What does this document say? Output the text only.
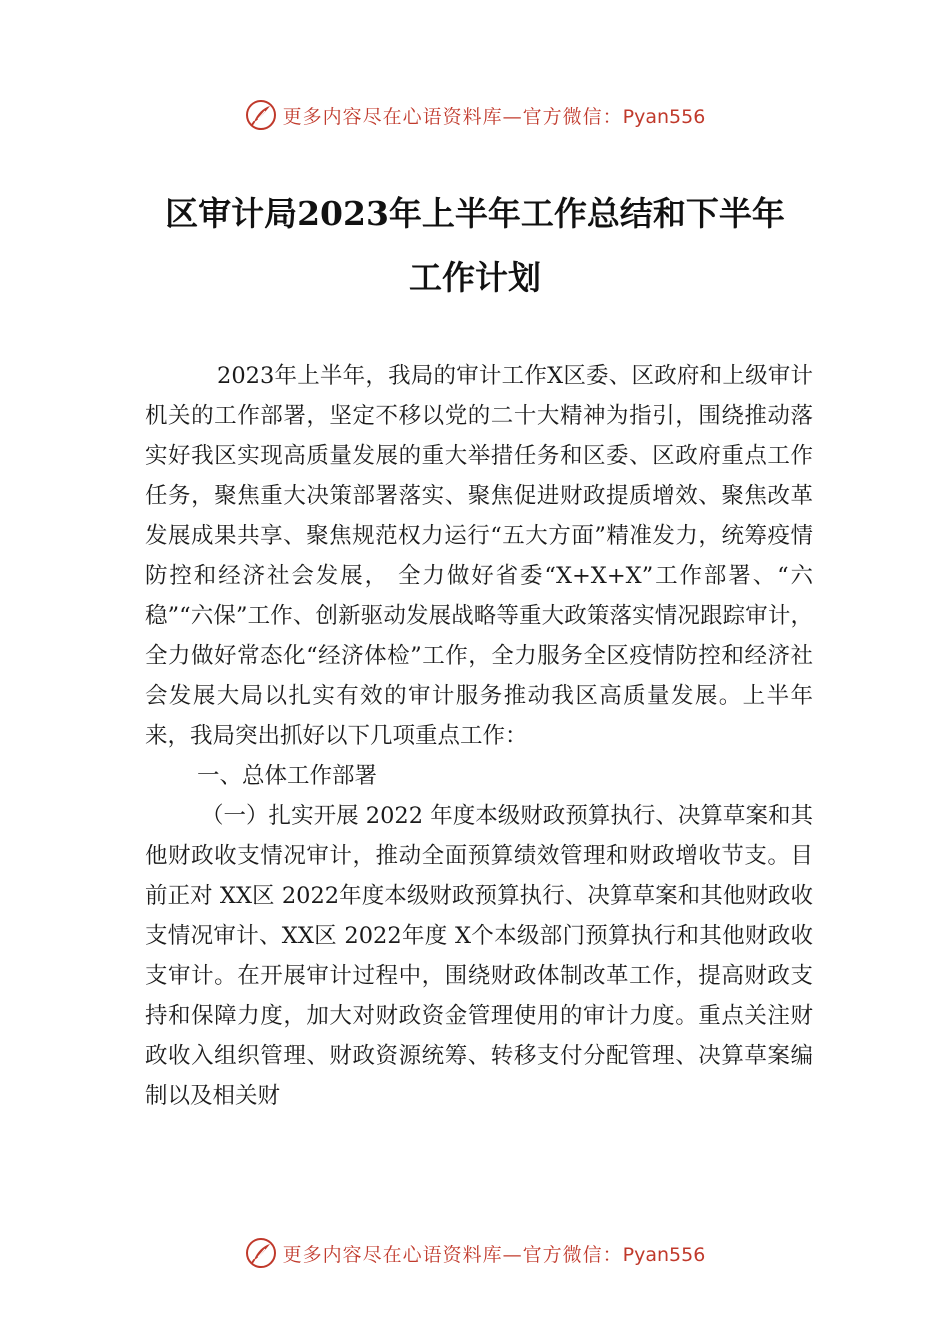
更多内容尽在心语资料库—官方微信：Pyan556
区审计局2023年上半年工作总结和下半年
工作计划

2023年上半年，我局的审计工作X区委、区政府和上级审计机关的工作部署，坚定不移以党的二十大精神为指引，围绕推动落实好我区实现高质量发展的重大举措任务和区委、区政府重点工作任务，聚焦重大决策部署落实、聚焦促进财政提质增效、聚焦改革发展成果共享、聚焦规范权力运行“五大方面”精准发力，统筹疫情防控和经济社会发展， 全力做好省委“X+X+X”工作部署、“六稳”“六保”工作、创新驱动发展战略等重大政策落实情况跟踪审计，全力做好常态化“经济体检”工作，全力服务全区疫情防控和经济社会发展大局以扎实有效的审计服务推动我区高质量发展。上半年来，我局突出抓好以下几项重点工作：

一、总体工作部署

（一）扎实开展 2022 年度本级财政预算执行、决算草案和其他财政收支情况审计，推动全面预算绩效管理和财政增收节支。目前正对 XX区 2022年度本级财政预算执行、决算草案和其他财政收支情况审计、XX区 2022年度 X个本级部门预算执行和其他财政收支审计。在开展审计过程中，围绕财政体制改革工作，提高财政支持和保障力度，加大对财政资金管理使用的审计力度。重点关注财政收入组织管理、财政资源统筹、转移支付分配管理、决算草案编制以及相关财

更多内容尽在心语资料库—官方微信：Pyan556
